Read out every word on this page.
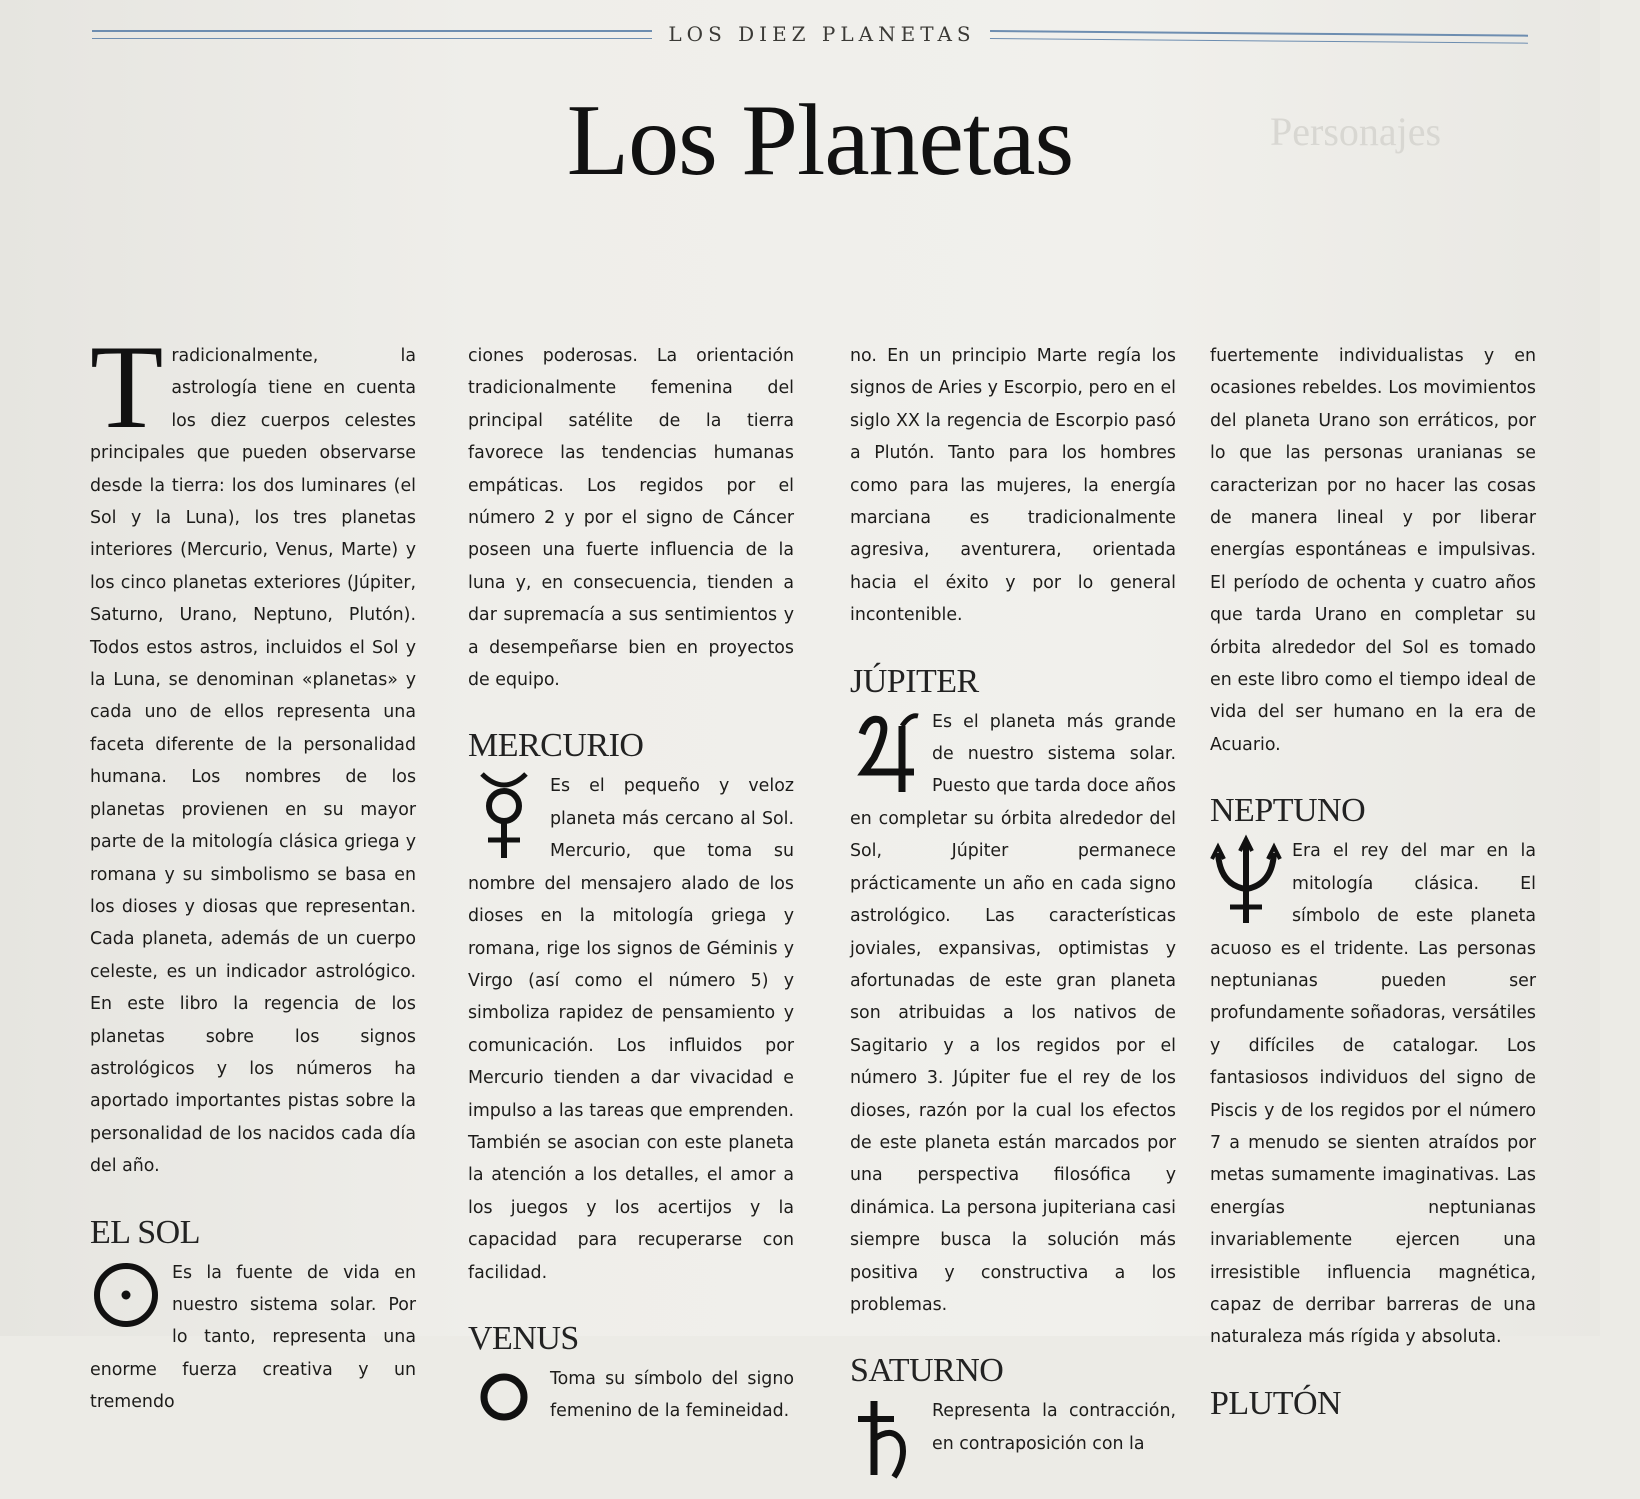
LOS DIEZ PLANETAS
Personajes
Los Planetas

Tradicionalmente, la astrología tiene en cuenta los diez cuerpos celestes principales que pueden observarse desde la tierra: los dos luminares (el Sol y la Luna), los tres planetas interiores (Mercurio, Venus, Marte) y los cinco planetas exteriores (Júpiter, Saturno, Urano, Neptuno, Plutón). Todos estos astros, incluidos el Sol y la Luna, se denominan «planetas» y cada uno de ellos representa una faceta diferente de la personalidad humana. Los nombres de los planetas provienen en su mayor parte de la mitología clásica griega y romana y su simbolismo se basa en los dioses y diosas que representan. Cada planeta, además de un cuerpo celeste, es un indicador astrológico. En este libro la regencia de los planetas sobre los signos astrológicos y los números ha aportado importantes pistas sobre la personalidad de los nacidos cada día del año.

EL SOL

Es la fuente de vida en nuestro sistema solar. Por lo tanto, representa una enorme fuerza creativa y un tremendo

ciones poderosas. La orientación tradicionalmente femenina del principal satélite de la tierra favorece las tendencias humanas empáticas. Los regidos por el número 2 y por el signo de Cáncer poseen una fuerte influencia de la luna y, en consecuencia, tienden a dar supremacía a sus sentimientos y a desempeñarse bien en proyectos de equipo.

MERCURIO

Es el pequeño y veloz planeta más cercano al Sol. Mercurio, que toma su nombre del mensajero alado de los dioses en la mitología griega y romana, rige los signos de Géminis y Virgo (así como el número 5) y simboliza rapidez de pensamiento y comunicación. Los influidos por Mercurio tienden a dar vivacidad e impulso a las tareas que emprenden. También se asocian con este planeta la atención a los detalles, el amor a los juegos y los acertijos y la capacidad para recuperarse con facilidad.

VENUS

Toma su símbolo del signo femenino de la femineidad.

no. En un principio Marte regía los signos de Aries y Escorpio, pero en el siglo XX la regencia de Escorpio pasó a Plutón. Tanto para los hombres como para las mujeres, la energía marciana es tradicionalmente agresiva, aventurera, orientada hacia el éxito y por lo general incontenible.

JÚPITER

Es el planeta más grande de nuestro sistema solar. Puesto que tarda doce años en completar su órbita alrededor del Sol, Júpiter permanece prácticamente un año en cada signo astrológico. Las características joviales, expansivas, optimistas y afortunadas de este gran planeta son atribuidas a los nativos de Sagitario y a los regidos por el número 3. Júpiter fue el rey de los dioses, razón por la cual los efectos de este planeta están marcados por una perspectiva filosófica y dinámica. La persona jupiteriana casi siempre busca la solución más positiva y constructiva a los problemas.

SATURNO

Representa la contracción, en contraposición con la

fuertemente individualistas y en ocasiones rebeldes. Los movimientos del planeta Urano son erráticos, por lo que las personas uranianas se caracterizan por no hacer las cosas de manera lineal y por liberar energías espontáneas e impulsivas. El período de ochenta y cuatro años que tarda Urano en completar su órbita alrededor del Sol es tomado en este libro como el tiempo ideal de vida del ser humano en la era de Acuario.

NEPTUNO

Era el rey del mar en la mitología clásica. El símbolo de este planeta acuoso es el tridente. Las personas neptunianas pueden ser profundamente soñadoras, versátiles y difíciles de catalogar. Los fantasiosos individuos del signo de Piscis y de los regidos por el número 7 a menudo se sienten atraídos por metas sumamente imaginativas. Las energías neptunianas invariablemente ejercen una irresistible influencia magnética, capaz de derribar barreras de una naturaleza más rígida y absoluta.

PLUTÓN
